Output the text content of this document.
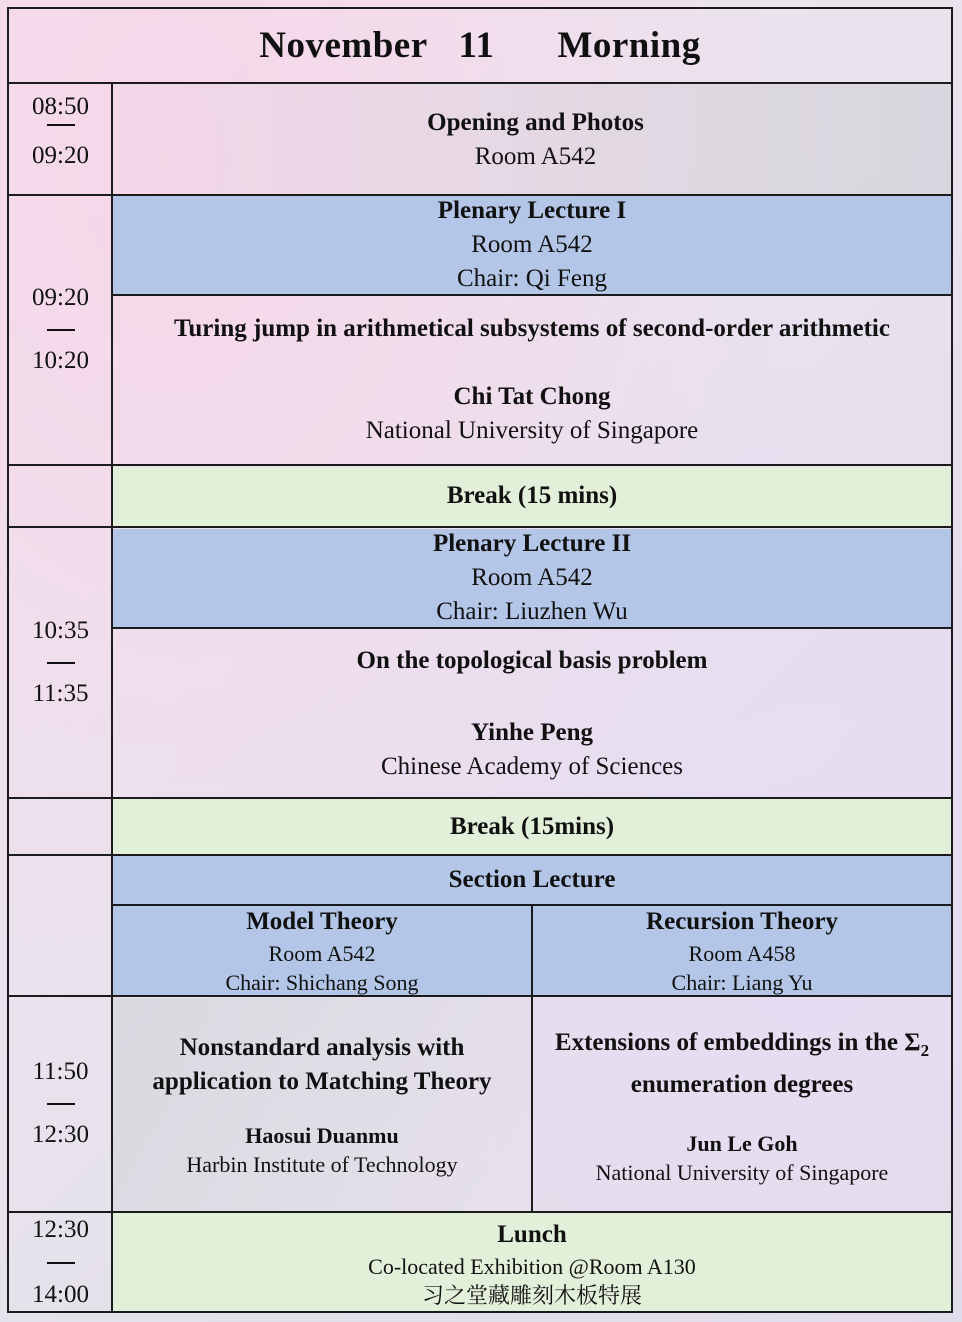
November  11    Morning
08:50
09:20
09:20
10:20
10:35
11:35
11:50
12:30
12:30
14:00
Opening and Photos
Room A542
Plenary Lecture I
Room A542
Chair: Qi Feng
Turing jump in arithmetical subsystems of second-order arithmetic
Chi Tat Chong
National University of Singapore
Break (15 mins)
Plenary Lecture II
Room A542
Chair: Liuzhen Wu
On the topological basis problem
Yinhe Peng
Chinese Academy of Sciences
Break (15mins)
Section Lecture
Model Theory
Room A542
Chair: Shichang Song
Recursion Theory
Room A458
Chair: Liang Yu
Nonstandard analysis with
application to Matching Theory
Haosui Duanmu
Harbin Institute of Technology
Extensions of embeddings in the $\Sigma_2$
enumeration degrees
Jun Le Goh
National University of Singapore
Lunch
Co-located Exhibition @Room A130
习之堂藏雕刻木板特展
